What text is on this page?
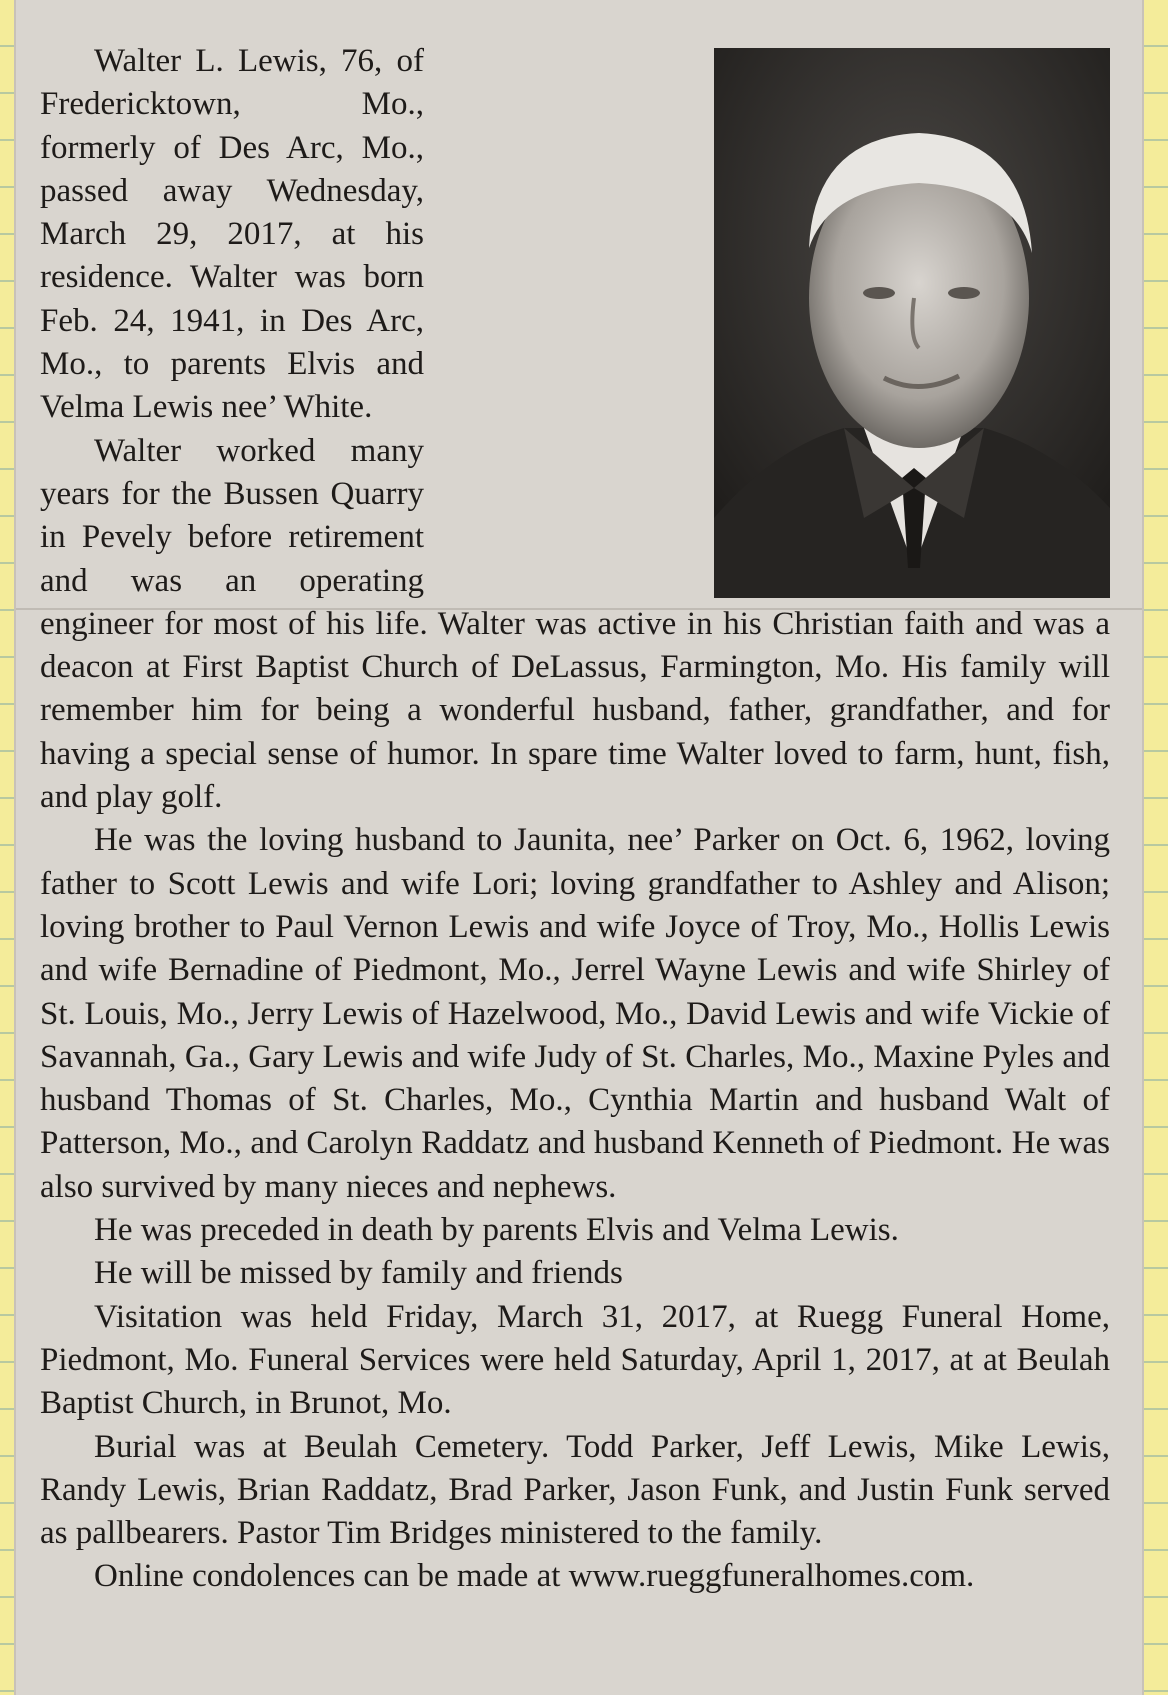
Walter L. Lewis, 76, of Fredericktown, Mo., formerly of Des Arc, Mo., passed away Wednesday, March 29, 2017, at his residence. Walter was born Feb. 24, 1941, in Des Arc, Mo., to parents Elvis and Velma Lewis nee’ White.

Walter worked many years for the Bussen Quarry in Pevely before retirement and was an operating engineer for most of his life. Walter was active in his Christian faith and was a deacon at First Baptist Church of DeLassus, Farmington, Mo. His family will remember him for being a wonderful husband, father, grandfather, and for having a special sense of humor. In spare time Walter loved to farm, hunt, fish, and play golf.

He was the loving husband to Jaunita, nee’ Parker on Oct. 6, 1962, loving father to Scott Lewis and wife Lori; loving grandfather to Ashley and Alison; loving brother to Paul Vernon Lewis and wife Joyce of Troy, Mo., Hollis Lewis and wife Bernadine of Piedmont, Mo., Jerrel Wayne Lewis and wife Shirley of St. Louis, Mo., Jerry Lewis of Hazelwood, Mo., David Lewis and wife Vickie of Savannah, Ga., Gary Lewis and wife Judy of St. Charles, Mo., Maxine Pyles and husband Thomas of St. Charles, Mo., Cynthia Martin and husband Walt of Patterson, Mo., and Carolyn Raddatz and husband Kenneth of Piedmont. He was also survived by many nieces and nephews.

He was preceded in death by parents Elvis and Velma Lewis.

He will be missed by family and friends

Visitation was held Friday, March 31, 2017, at Ruegg Funeral Home, Piedmont, Mo. Funeral Services were held Saturday, April 1, 2017, at at Beulah Baptist Church, in Brunot, Mo.

Burial was at Beulah Cemetery. Todd Parker, Jeff Lewis, Mike Lewis, Randy Lewis, Brian Raddatz, Brad Parker, Jason Funk, and Justin Funk served as pallbearers. Pastor Tim Bridges ministered to the family.

Online condolences can be made at www.rueggfuneralhomes.com.
